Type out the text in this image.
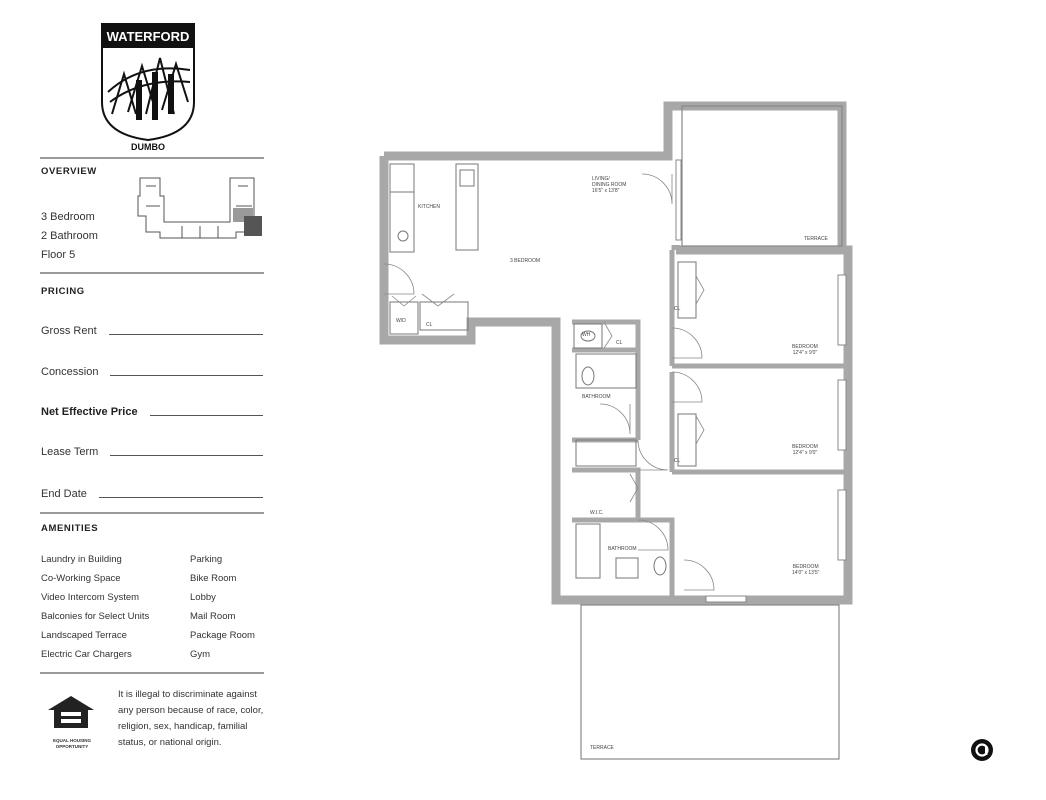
WATERFORD
DUMBO
OVERVIEW
3 Bedroom
2 Bathroom
Floor 5
PRICING
Gross Rent
Concession
Net Effective Price
Lease Term
End Date
AMENITIES
Laundry in Building
Co-Working Space
Video Intercom System
Balconies for Select Units
Landscaped Terrace
Electric Car Chargers
Parking
Bike Room
Lobby
Mail Room
Package Room
Gym
EQUAL HOUSING
OPPORTUNITY
It is illegal to discriminate against any person because of race, color, religion, sex, handicap, familial status, or national origin.
KITCHEN
LIVING/
DINING ROOM
16'5" x 13'8"
3 BEDROOM
TERRACE
TERRACE
W/D
CL
WH
CL
BATHROOM
BATHROOM
W.I.C.
CL
CL
BEDROOM
12'4" x 9'0"
BEDROOM
12'4" x 9'0"
BEDROOM
14'0" x 13'5"
